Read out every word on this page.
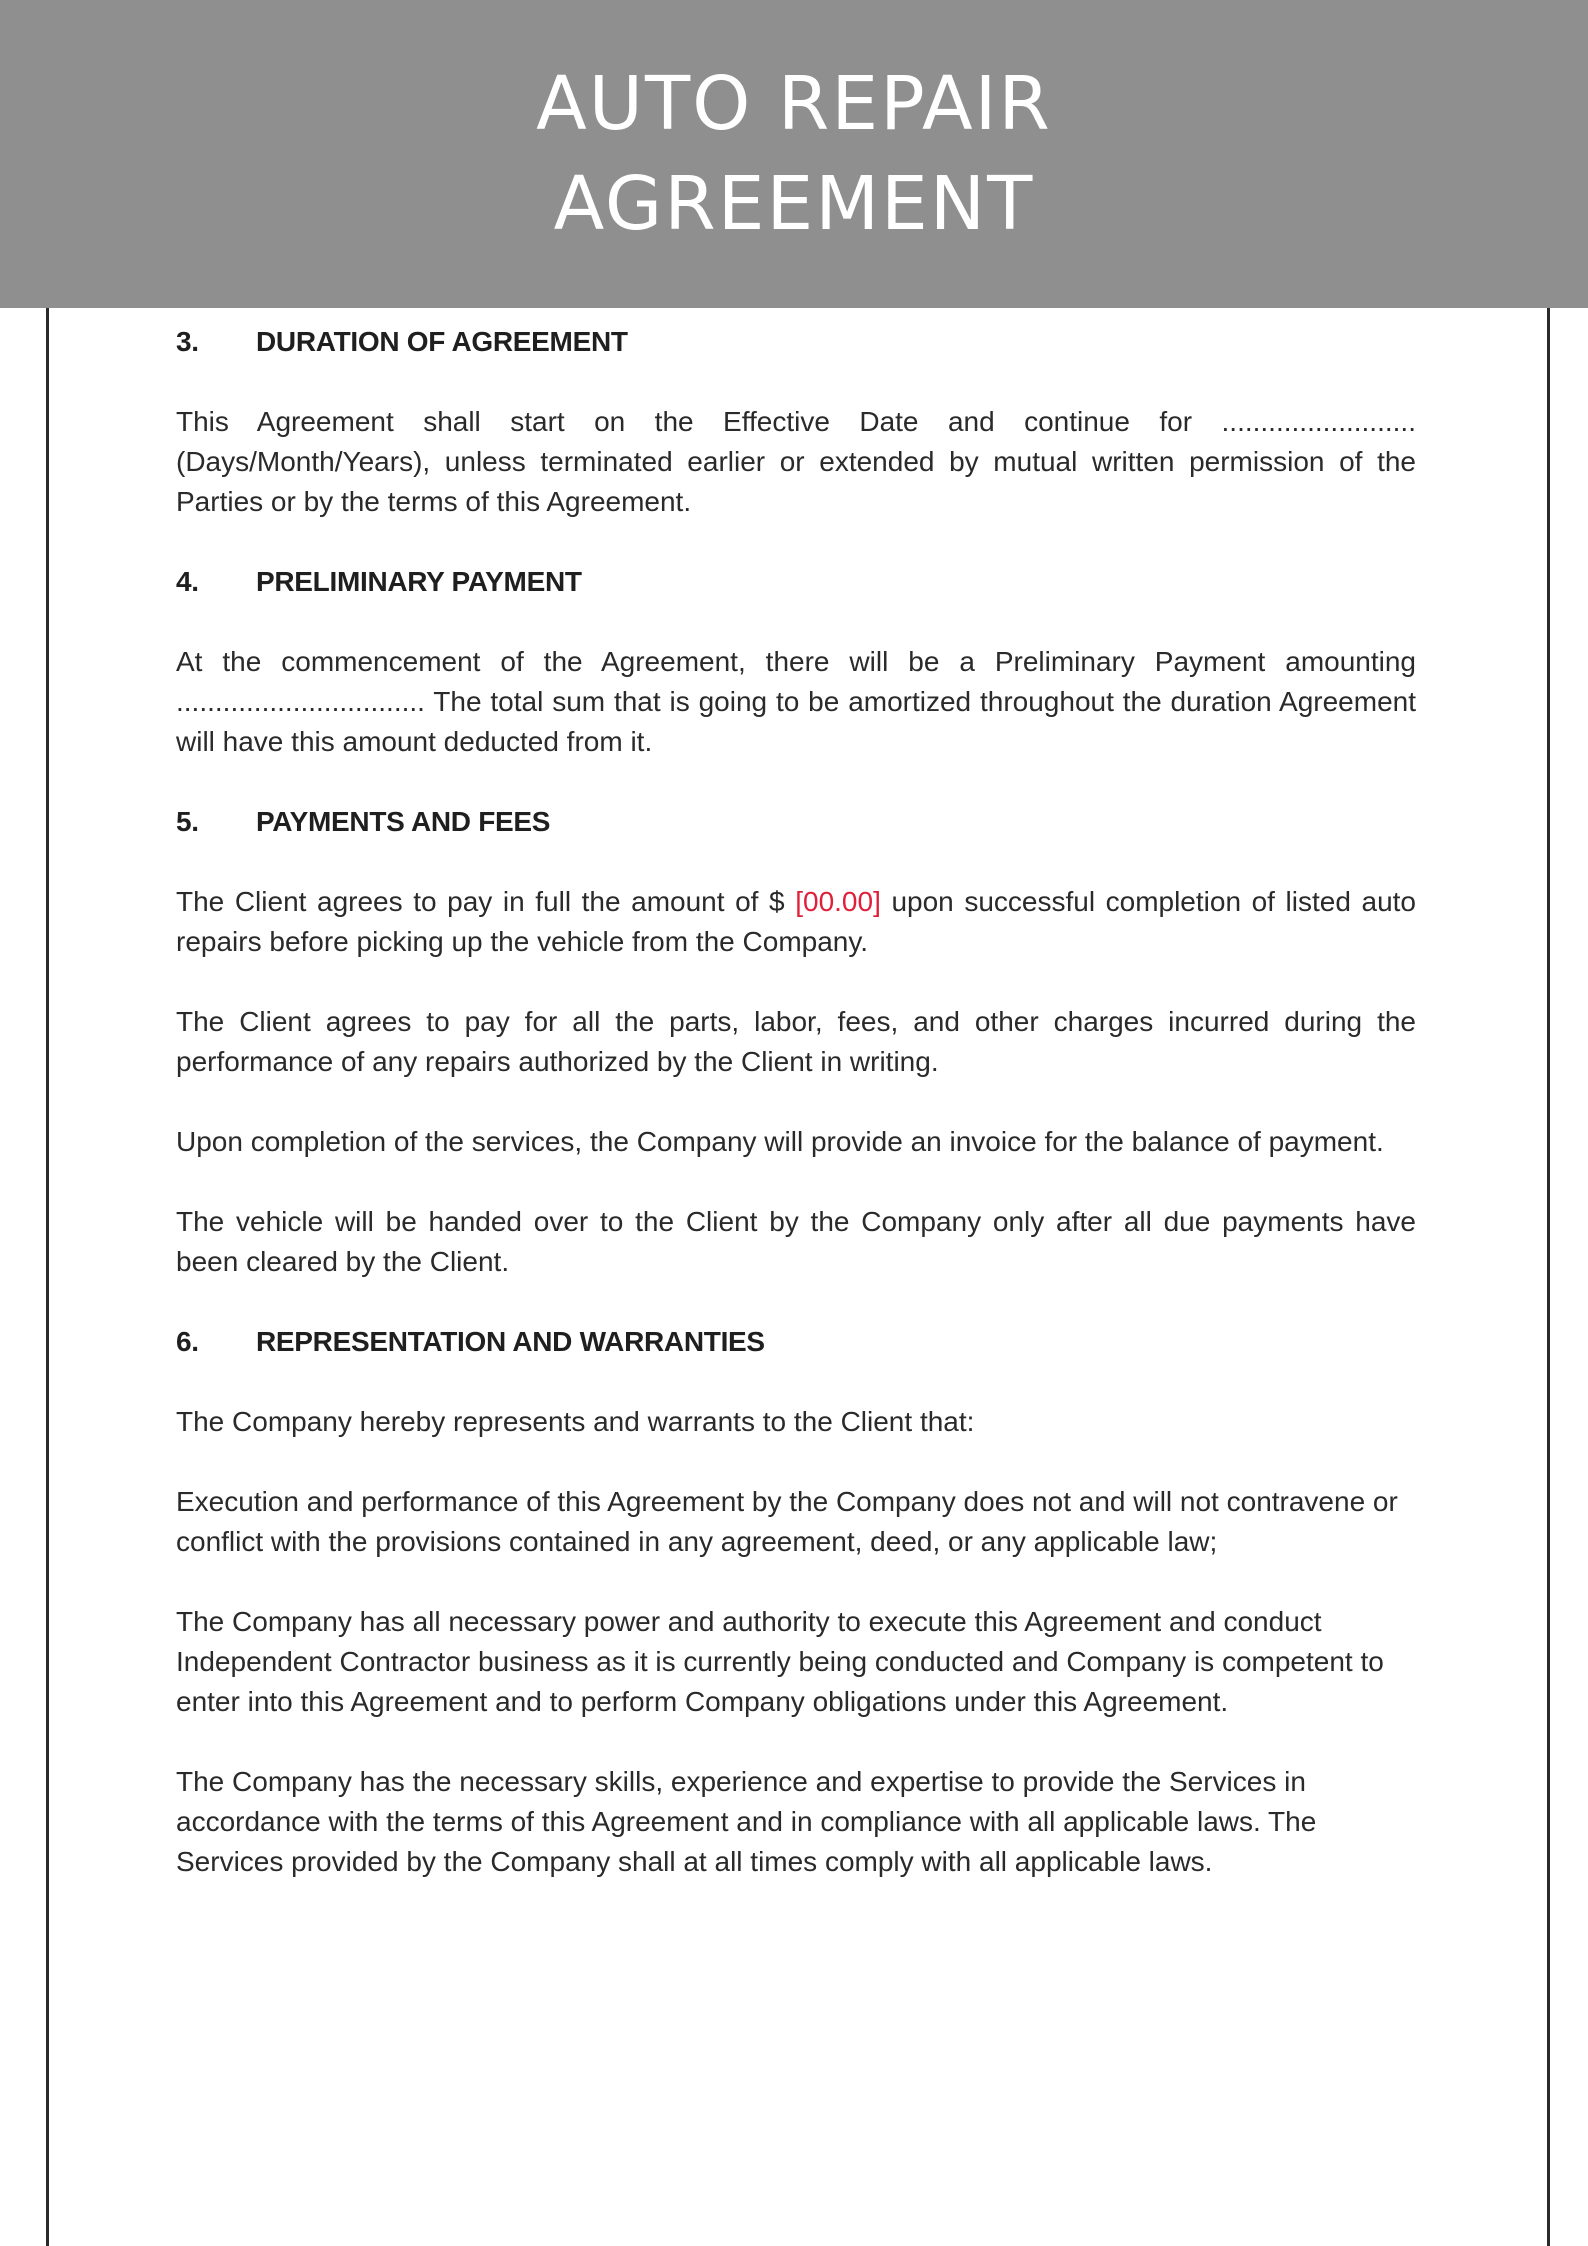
AUTO REPAIR
AGREEMENT
3.	DURATION OF AGREEMENT

This Agreement shall start on the Effective Date and continue for ......................... (Days/Month/Years), unless terminated earlier or extended by mutual written permission of the Parties or by the terms of this Agreement.

4.	PRELIMINARY PAYMENT

At the commencement of the Agreement, there will be a Preliminary Payment amounting ................................ The total sum that is going to be amortized throughout the duration Agreement will have this amount deducted from it.

5.	PAYMENTS AND FEES

The Client agrees to pay in full the amount of $ [00.00] upon successful completion of listed auto repairs before picking up the vehicle from the Company.

The Client agrees to pay for all the parts, labor, fees, and other charges incurred during the performance of any repairs authorized by the Client in writing.

Upon completion of the services, the Company will provide an invoice for the balance of payment.

The vehicle will be handed over to the Client by the Company only after all due payments have been cleared by the Client.

6.	REPRESENTATION AND WARRANTIES

The Company hereby represents and warrants to the Client that:

Execution and performance of this Agreement by the Company does not and will not contravene or conflict with the provisions contained in any agreement, deed, or any applicable law;

The Company has all necessary power and authority to execute this Agreement and conduct Independent Contractor business as it is currently being conducted and Company is competent to enter into this Agreement and to perform Company obligations under this Agreement.

The Company has the necessary skills, experience and expertise to provide the Services in accordance with the terms of this Agreement and in compliance with all applicable laws. The Services provided by the Company shall at all times comply with all applicable laws.
